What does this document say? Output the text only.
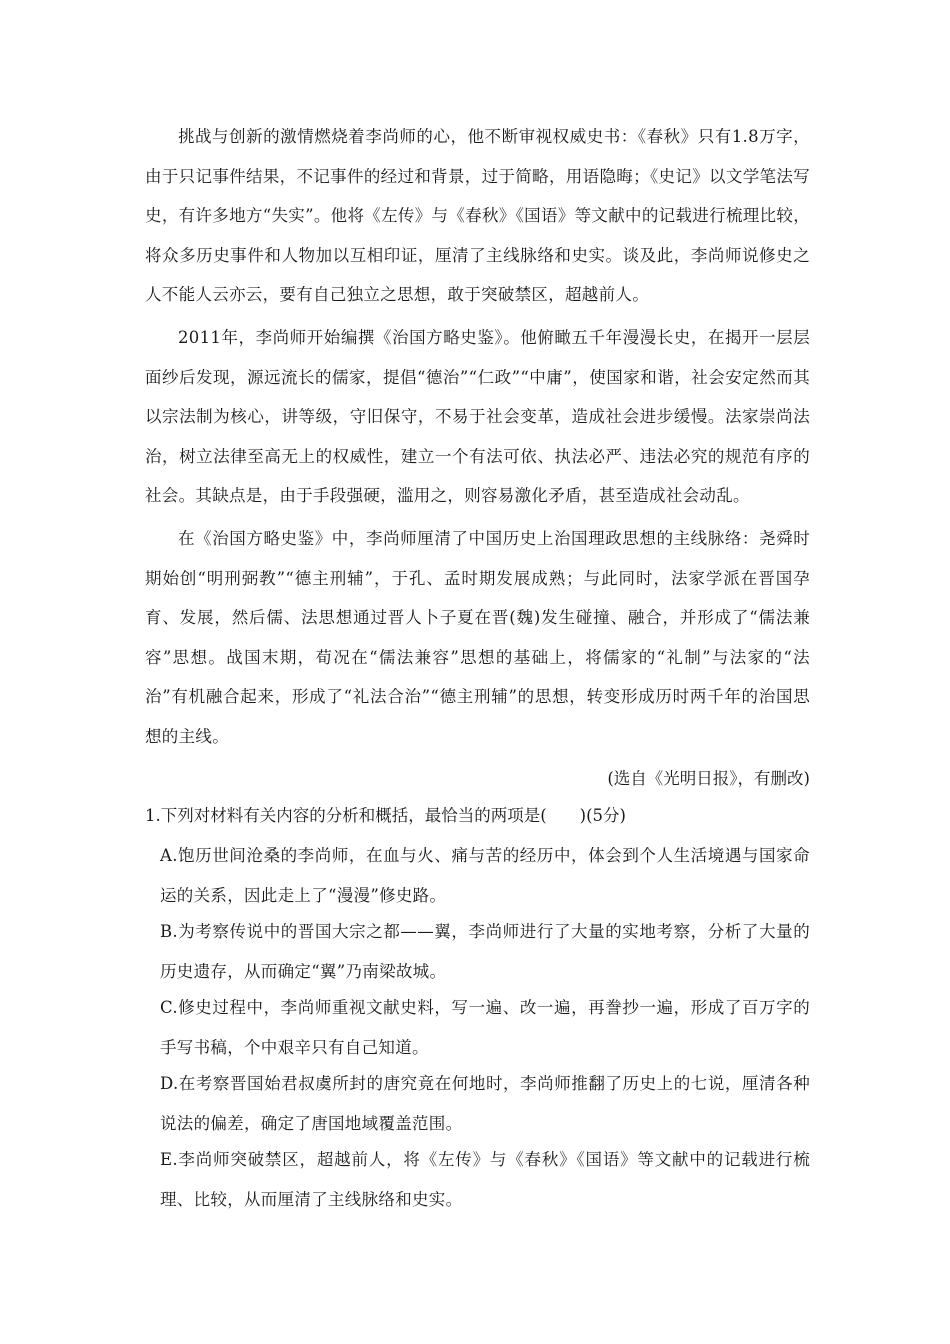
挑战与创新的激情燃烧着李尚师的心，他不断审视权威史书：《春秋》只有1.8万字，由于只记事件结果，不记事件的经过和背景，过于简略，用语隐晦；《史记》以文学笔法写史，有许多地方“失实”。他将《左传》与《春秋》《国语》等文献中的记载进行梳理比较，将众多历史事件和人物加以互相印证，厘清了主线脉络和史实。谈及此，李尚师说修史之人不能人云亦云，要有自己独立之思想，敢于突破禁区，超越前人。

2011年，李尚师开始编撰《治国方略史鉴》。他俯瞰五千年漫漫长史，在揭开一层层面纱后发现，源远流长的儒家，提倡“德治”“仁政”“中庸”，使国家和谐，社会安定然而其以宗法制为核心，讲等级，守旧保守，不易于社会变革，造成社会进步缓慢。法家崇尚法治，树立法律至高无上的权威性，建立一个有法可依、执法必严、违法必究的规范有序的社会。其缺点是，由于手段强硬，滥用之，则容易激化矛盾，甚至造成社会动乱。

在《治国方略史鉴》中，李尚师厘清了中国历史上治国理政思想的主线脉络：尧舜时期始创“明刑弼教”“德主刑辅”，于孔、孟时期发展成熟；与此同时，法家学派在晋国孕育、发展，然后儒、法思想通过晋人卜子夏在晋(魏)发生碰撞、融合，并形成了“儒法兼容”思想。战国末期，荀况在“儒法兼容”思想的基础上，将儒家的“礼制”与法家的“法治”有机融合起来，形成了“礼法合治”“德主刑辅”的思想，转变形成历时两千年的治国思想的主线。

(选自《光明日报》，有删改)

1.下列对材料有关内容的分析和概括，最恰当的两项是(　　)(5分)

A.饱历世间沧桑的李尚师，在血与火、痛与苦的经历中，体会到个人生活境遇与国家命运的关系，因此走上了“漫漫”修史路。

B.为考察传说中的晋国大宗之都——翼，李尚师进行了大量的实地考察，分析了大量的历史遗存，从而确定“翼”乃南梁故城。

C.修史过程中，李尚师重视文献史料，写一遍、改一遍，再誊抄一遍，形成了百万字的手写书稿，个中艰辛只有自己知道。

D.在考察晋国始君叔虞所封的唐究竟在何地时，李尚师推翻了历史上的七说，厘清各种说法的偏差，确定了唐国地域覆盖范围。

E.李尚师突破禁区，超越前人，将《左传》与《春秋》《国语》等文献中的记载进行梳理、比较，从而厘清了主线脉络和史实。
